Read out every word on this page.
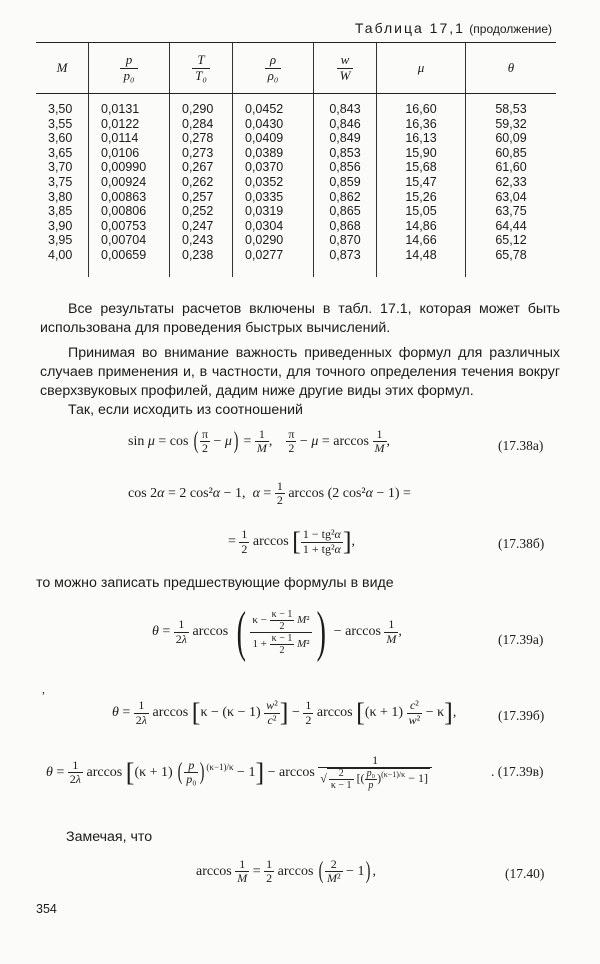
Таблица 17,1 (продолжение)
M	$\frac{p}{\text{p₀}}$	$\frac{T}{\text{T₀}}$	$\frac{\rho}{\text{ρ₀}}$	$\frac{w}{W}$	μ	θ
3,50	0,0131	0,290	0,0452	0,843	16,60	58,53
3,55	0,0122	0,284	0,0430	0,846	16,36	59,32
3,60	0,0114	0,278	0,0409	0,849	16,13	60,09
3,65	0,0106	0,273	0,0389	0,853	15,90	60,85
3,70	0,00990	0,267	0,0370	0,856	15,68	61,60
3,75	0,00924	0,262	0,0352	0,859	15,47	62,33
3,80	0,00863	0,257	0,0335	0,862	15,26	63,04
3,85	0,00806	0,252	0,0319	0,865	15,05	63,75
3,90	0,00753	0,247	0,0304	0,868	14,86	64,44
3,95	0,00704	0,243	0,0290	0,870	14,66	65,12
4,00	0,00659	0,238	0,0277	0,873	14,48	65,78
Все результаты расчетов включены в табл. 17.1, которая может быть использована для проведения быстрых вычислений.
Принимая во внимание важность приведенных формул для различных случаев применения и, в частности, для точного определения течения вокруг сверхзвуковых профилей, дадим ниже другие виды этих формул.
Так, если исходить из соотношений
sin μ = cos ( $\frac{\pi}{2} - \mu) = \frac{1}{M}$ , $\frac{\pi}{2} - \mu = \arccos \frac{1}{M}$ ,	(17.38a)
cos 2α = 2 cos²α − 1,  $\alpha = \frac{1}{2}$ arccos (2 cos²α − 1) =
= $\frac{1}{2}$ arccos [ $\frac{\text{1 − tg²α}}{\text{1 + tg²α}}$ ],	(17.38б)
то можно записать предшествующие формулы в виде
$\theta = \frac{1}{2\lambda}$ arccos ( $\frac{\kappa - \frac{\kappa - 1}{2} M^2}{1 + \frac{\kappa - 1}{2} M^2}$ ) − $\arccos \frac{1}{M}$ ,
(17.39а)
,
$\theta = \frac{1}{2\lambda}$ $\arccos [\kappa - (\kappa - 1) \frac{\text{w²}}{\text{c²}}$ ] − $\frac{1}{2}$ $\arccos [(\kappa + 1) \frac{\text{c²}}{\text{w²}} - \kappa]$,	(17.39б)
$\theta = \frac{1}{2\lambda}$ arccos [(κ + 1) ( $\frac{p}{\text{p₀}}$ ) $^{(\kappa-1)/\kappa} - 1] - \arccos \frac{1}{√ \frac{2}{\kappa - 1} [( \frac{\text{p₀}}{p} )^{(\kappa-1)/\kappa} - 1]}$	. (17.39в)
Замечая, что
$\arccos \frac{1}{M} = \frac{1}{2}$ arccos ( $\frac{2}{\text{M²}} - 1$) ,	(17.40)
354
